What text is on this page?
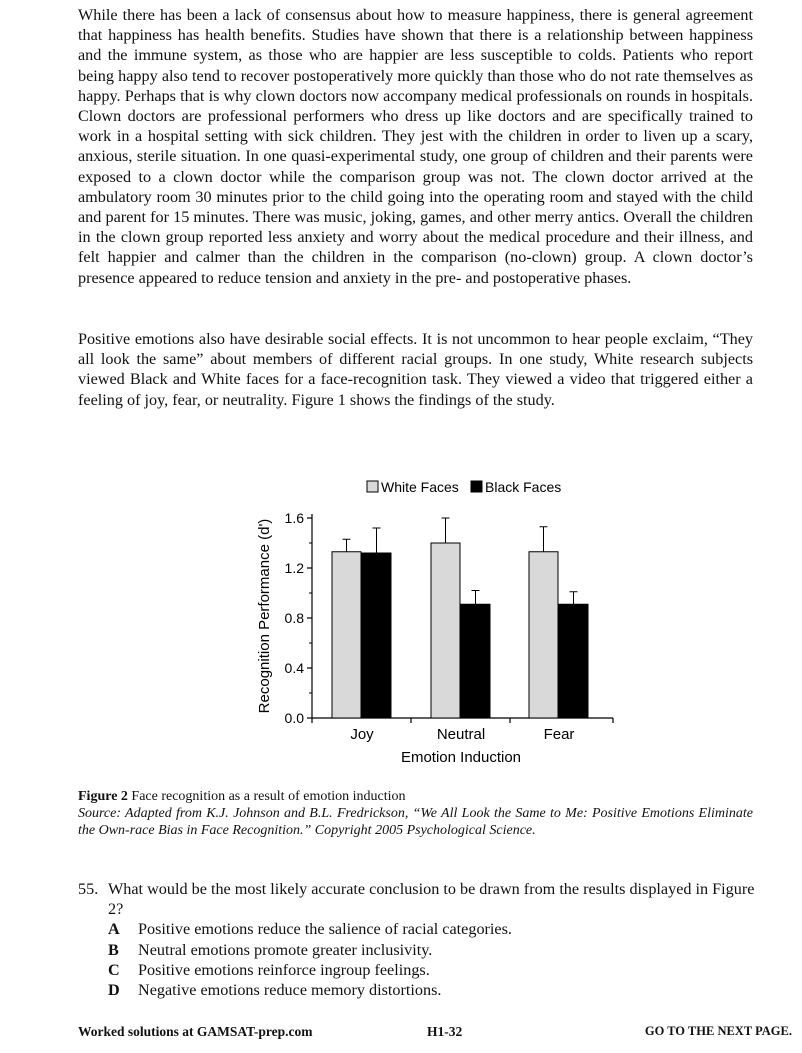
While there has been a lack of consensus about how to measure happiness, there is general agreement that happiness has health benefits. Studies have shown that there is a relationship between happiness and the immune system, as those who are happier are less susceptible to colds. Patients who report being happy also tend to recover postoperatively more quickly than those who do not rate themselves as happy. Perhaps that is why clown doctors now accompany medical professionals on rounds in hospitals. Clown doctors are professional performers who dress up like doctors and are specifically trained to work in a hospital setting with sick children. They jest with the children in order to liven up a scary, anxious, sterile situation. In one quasi-experimental study, one group of children and their parents were exposed to a clown doctor while the comparison group was not. The clown doctor arrived at the ambulatory room 30 minutes prior to the child going into the operating room and stayed with the child and parent for 15 minutes. There was music, joking, games, and other merry antics. Overall the children in the clown group reported less anxiety and worry about the medical procedure and their illness, and felt happier and calmer than the children in the comparison (no-clown) group. A clown doctor’s presence appeared to reduce tension and anxiety in the pre- and postoperative phases.

Positive emotions also have desirable social effects. It is not uncommon to hear people exclaim, “They all look the same” about members of different racial groups. In one study, White research subjects viewed Black and White faces for a face-recognition task. They viewed a video that triggered either a feeling of joy, fear, or neutrality. Figure 1 shows the findings of the study.

0.0
0.4
0.8
1.2
1.6
Joy	Neutral	Fear
Emotion Induction
Recognition Performance (d')
White Faces Black Faces

Figure 2 Face recognition as a result of emotion induction

Source: Adapted from K.J. Johnson and B.L. Fredrickson, “We All Look the Same to Me: Positive Emotions Eliminate the Own-race Bias in Face Recognition.” Copyright 2005 Psychological Science.

55. What would be the most likely accurate conclusion to be drawn from the results displayed in Figure 2?
A Positive emotions reduce the salience of racial categories.
B Neutral emotions promote greater inclusivity.
C Positive emotions reinforce ingroup feelings.
D Negative emotions reduce memory distortions.
Worked solutions at GAMSAT-prep.com	H1-32	GO TO THE NEXT PAGE.
